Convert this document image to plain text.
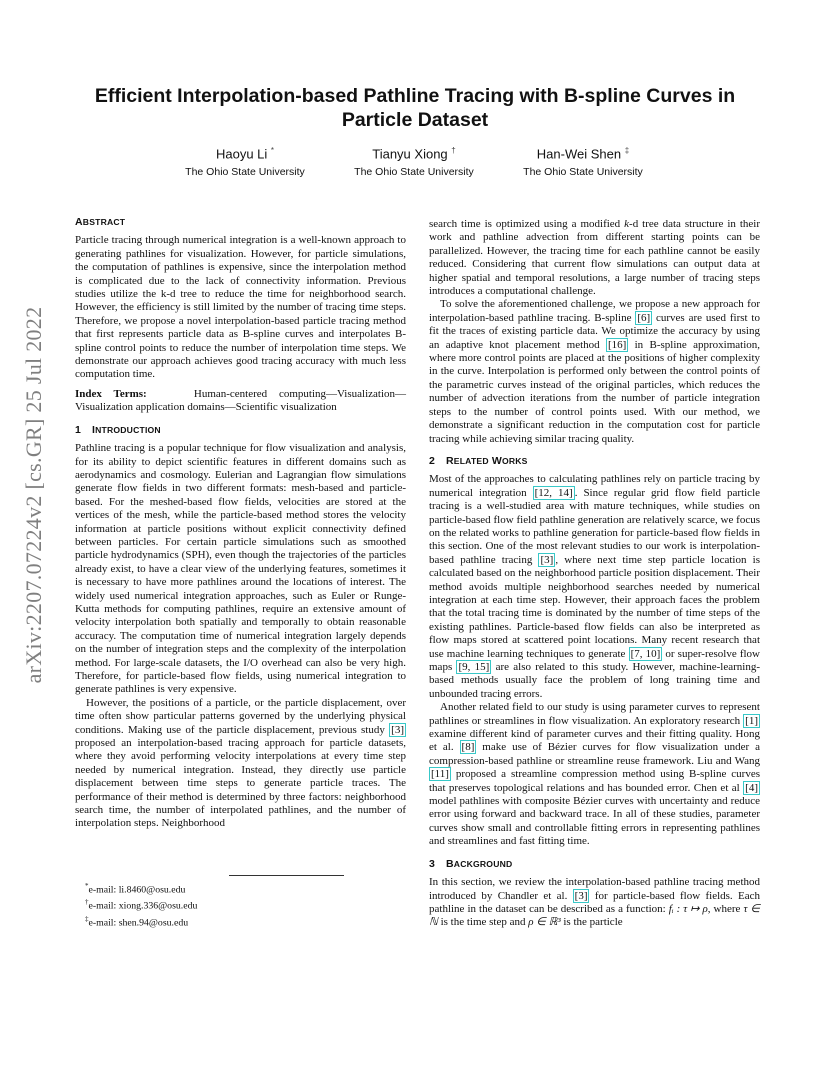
arXiv:2207.07224v2 [cs.GR] 25 Jul 2022
Efficient Interpolation-based Pathline Tracing with B-spline Curves in Particle Dataset
Haoyu Li *
The Ohio State University
Tianyu Xiong †
The Ohio State University
Han-Wei Shen ‡
The Ohio State University
ABSTRACT

Particle tracing through numerical integration is a well-known approach to generating pathlines for visualization. However, for particle simulations, the computation of pathlines is expensive, since the interpolation method is complicated due to the lack of connectivity information. Previous studies utilize the k-d tree to reduce the time for neighborhood search. However, the efficiency is still limited by the number of tracing time steps. Therefore, we propose a novel interpolation-based particle tracing method that first represents particle data as B-spline curves and interpolates B-spline control points to reduce the number of interpolation time steps. We demonstrate our approach achieves good tracing accuracy with much less computation time.

Index Terms:	Human-centered computing—Visualization—Visualization application domains—Scientific visualization

1 INTRODUCTION

Pathline tracing is a popular technique for flow visualization and analysis, for its ability to depict scientific features in different domains such as aerodynamics and cosmology. Eulerian and Lagrangian flow simulations generate flow fields in two different formats: mesh-based and particle-based. For the meshed-based flow fields, velocities are stored at the vertices of the mesh, while the particle-based method stores the velocity information at particle positions without explicit connectivity defined between particles. For certain particle simulations such as smoothed particle hydrodynamics (SPH), even though the trajectories of the particles already exist, to have a clear view of the underlying features, sometimes it is necessary to have more pathlines around the locations of interest. The widely used numerical integration approaches, such as Euler or Runge-Kutta methods for computing pathlines, require an extensive amount of velocity interpolation both spatially and temporally to obtain reasonable accuracy. The computation time of numerical integration largely depends on the number of integration steps and the complexity of the interpolation method. For large-scale datasets, the I/O overhead can also be very high. Therefore, for particle-based flow fields, using numerical integration to generate pathlines is very expensive.

However, the positions of a particle, or the particle displacement, over time often show particular patterns governed by the underlying physical conditions. Making use of the particle displacement, previous study [3] proposed an interpolation-based tracing approach for particle datasets, where they avoid performing velocity interpolations at every time step needed by numerical integration. Instead, they directly use particle displacement between time steps to generate particle traces. The performance of their method is determined by three factors: neighborhood search time, the number of interpolated pathlines, and the number of interpolation steps. Neighborhood

search time is optimized using a modified k-d tree data structure in their work and pathline advection from different starting points can be parallelized. However, the tracing time for each pathline cannot be easily reduced. Considering that current flow simulations can output data at higher spatial and temporal resolutions, a large number of tracing steps introduces a computational challenge.

To solve the aforementioned challenge, we propose a new approach for interpolation-based pathline tracing. B-spline [6] curves are used first to fit the traces of existing particle data. We optimize the accuracy by using an adaptive knot placement method [16] in B-spline approximation, where more control points are placed at the positions of higher complexity in the curve. Interpolation is performed only between the control points of the parametric curves instead of the original particles, which reduces the number of advection iterations from the number of particle integration steps to the number of control points used. With our method, we demonstrate a significant reduction in the computation cost for particle tracing while achieving similar tracing quality.

2 RELATED WORKS

Most of the approaches to calculating pathlines rely on particle tracing by numerical integration [12, 14] . Since regular grid flow field particle tracing is a well-studied area with mature techniques, while studies on particle-based flow field pathline generation are relatively scarce, we focus on the related works to pathline generation for particle-based flow fields in this section. One of the most relevant studies to our work is interpolation-based pathline tracing [3] , where next time step particle location is calculated based on the neighborhood particle position displacement. Their method avoids multiple neighborhood searches needed by numerical integration at each time step. However, their approach faces the problem that the total tracing time is dominated by the number of time steps of the existing pathlines. Particle-based flow fields can also be interpreted as flow maps stored at scattered point locations. Many recent research that use machine learning techniques to generate [7, 10] or super-resolve flow maps [9, 15] are also related to this study. However, machine-learning-based methods usually face the problem of long training time and unbounded tracing errors.

Another related field to our study is using parameter curves to represent pathlines or streamlines in flow visualization. An exploratory research [1] examine different kind of parameter curves and their fitting quality. Hong et al. [8] make use of Bézier curves for flow visualization under a compression-based pathline or streamline reuse framework. Liu and Wang [11] proposed a streamline compression method using B-spline curves that preserves topological relations and has bounded error. Chen et al [4] model pathlines with composite Bézier curves with uncertainty and reduce error using forward and backward trace. In all of these studies, parameter curves show small and controllable fitting errors in representing pathlines and streamlines and fast fitting time.

3 BACKGROUND

In this section, we review the interpolation-based pathline tracing method introduced by Chandler et al. [3] for particle-based flow fields. Each pathline in the dataset can be described as a function: fᵢ : τ ↦ ρ, where τ ∈ ℕ is the time step and ρ ∈ ℝ³ is the particle

*e-mail: li.8460@osu.edu
†e-mail: xiong.336@osu.edu
‡e-mail: shen.94@osu.edu
